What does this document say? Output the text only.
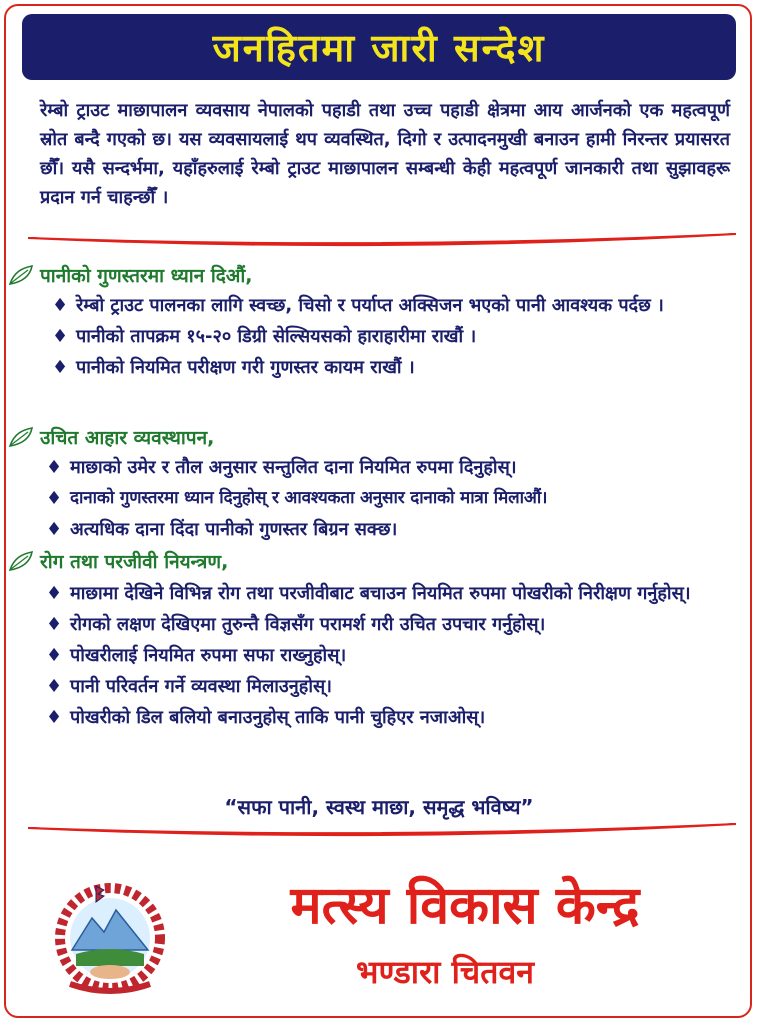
जनहितमा जारी सन्देश

रेम्बो ट्राउट माछापालन व्यवसाय नेपालको पहाडी तथा उच्च पहाडी क्षेत्रमा आय आर्जनको एक महत्वपूर्ण स्रोत बन्दै गएको छ। यस व्यवसायलाई थप व्यवस्थित, दिगो र उत्पादनमुखी बनाउन हामी निरन्तर प्रयासरत छौँ। यसै सन्दर्भमा, यहाँहरुलाई रेम्बो ट्राउट माछापालन सम्बन्धी केही महत्वपूर्ण जानकारी तथा सुझावहरू प्रदान गर्न चाहन्छौँ ।

पानीको गुणस्तरमा ध्यान दिऔं,
♦ रेम्बो ट्राउट पालनका लागि स्वच्छ, चिसो र पर्याप्त अक्सिजन भएको पानी आवश्यक पर्दछ ।
♦ पानीको तापक्रम १५-२० डिग्री सेल्सियसको हाराहारीमा राखौं ।
♦ पानीको नियमित परीक्षण गरी गुणस्तर कायम राखौं ।
उचित आहार व्यवस्थापन,
♦ माछाको उमेर र तौल अनुसार सन्तुलित दाना नियमित रुपमा दिनुहोस्।
♦ दानाको गुणस्तरमा ध्यान दिनुहोस् र आवश्यकता अनुसार दानाको मात्रा मिलाऔं।
♦ अत्यधिक दाना दिंदा पानीको गुणस्तर बिग्रन सक्छ।
रोग तथा परजीवी नियन्त्रण,
♦ माछामा देखिने विभिन्न रोग तथा परजीवीबाट बचाउन नियमित रुपमा पोखरीको निरीक्षण गर्नुहोस्।
♦ रोगको लक्षण देखिएमा तुरुन्तै विज्ञसँग परामर्श गरी उचित उपचार गर्नुहोस्।
♦ पोखरीलाई नियमित रुपमा सफा राख्नुहोस्।
♦ पानी परिवर्तन गर्ने व्यवस्था मिलाउनुहोस्।
♦ पोखरीको डिल बलियो बनाउनुहोस् ताकि पानी चुहिएर नजाओस्।
“सफा पानी, स्वस्थ माछा, समृद्ध भविष्य”
मत्स्य विकास केन्द्र
भण्डारा चितवन
